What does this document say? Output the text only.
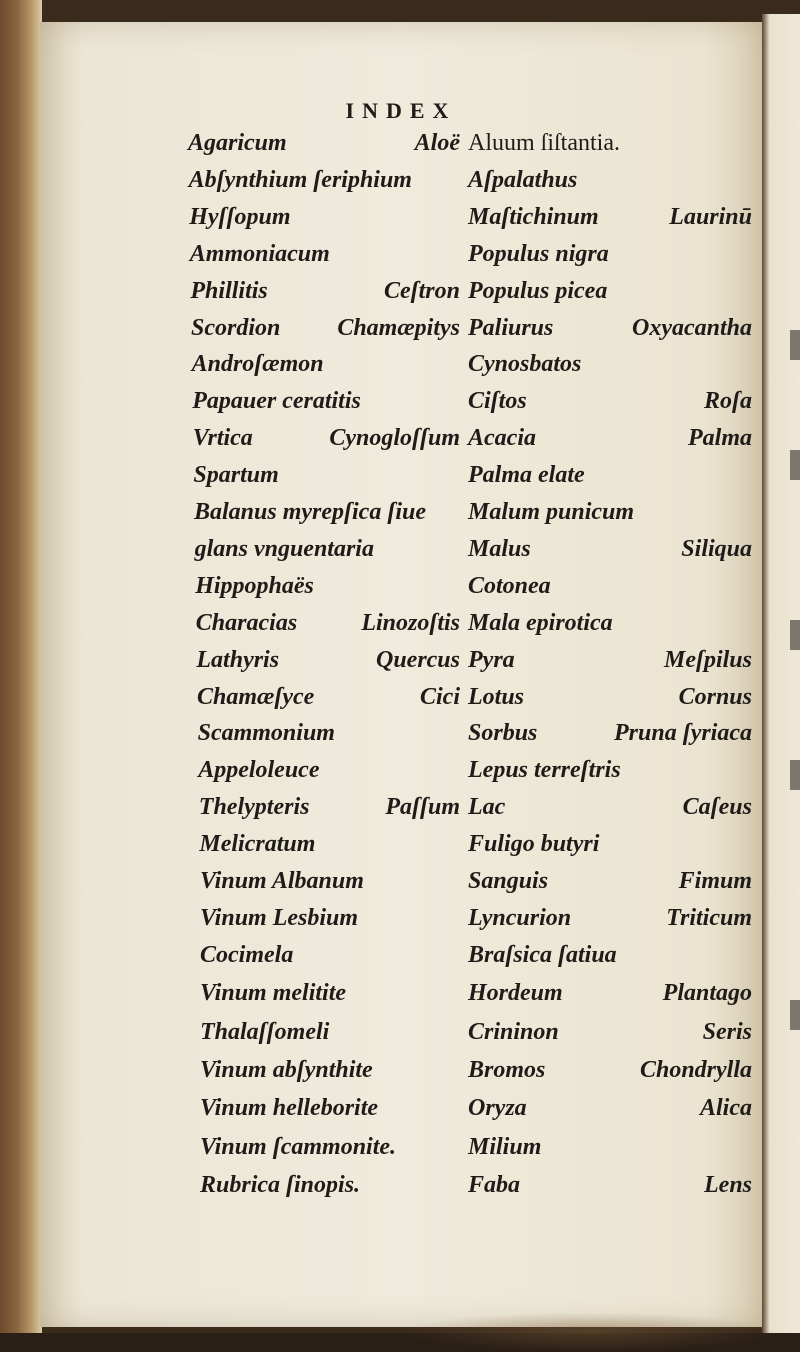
INDEX
Agaricum	Aloë
Abſynthium ſeriphium
Hyſſopum
Ammoniacum
Phillitis	Ceſtron
Scordion Chamæpitys
Androſæmon
Papauer ceratitis
Vrtica	Cynogloſſum
Spartum
Balanus myrepſica ſiue
glans vnguentaria
Hippophaës
Characias	Linozoſtis
Lathyris	Quercus
Chamæſyce	Cici
Scammonium
Appeloleuce
Thelypteris	Paſſum
Melicratum
Vinum Albanum
Vinum Lesbium
Cocimela
Vinum melitite
Thalaſſomeli
Vinum abſynthite
Vinum helleborite
Vinum ſcammonite.
Rubrica ſinopis.
Aluum ſiſtantia.
Aſpalathus
Maſtichinum	Laurinū
Populus nigra
Populus picea
Paliurus	Oxyacantha
Cynosbatos
Ciſtos	Roſa
Acacia	Palma
Palma elate
Malum punicum
Malus	Siliqua
Cotonea
Mala epirotica
Pyra	Meſpilus
Lotus	Cornus
Sorbus	Pruna ſyriaca
Lepus terreſtris
Lac	Caſeus
Fuligo butyri
Sanguis	Fimum
Lyncurion	Triticum
Braſsica ſatiua
Hordeum	Plantago
Crininon	Seris
Bromos	Chondrylla
Oryza	Alica
Milium
Faba	Lens
